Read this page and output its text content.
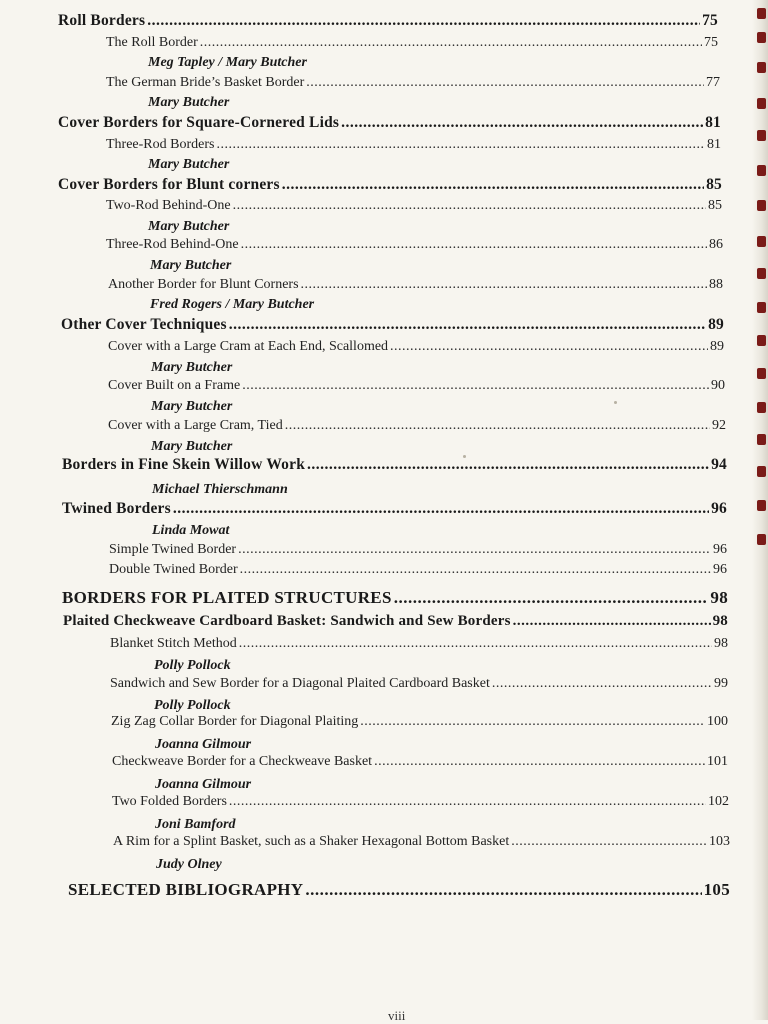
Roll Borders .....	75
The Roll Border .....	75
Meg Tapley / Mary Butcher
The German Bride’s Basket Border .....	77
Mary Butcher
Cover Borders for Square-Cornered Lids .....	81
Three-Rod Borders .....	81
Mary Butcher
Cover Borders for Blunt corners .....	85
Two-Rod Behind-One .....	85
Mary Butcher
Three-Rod Behind-One .....	86
Mary Butcher
Another Border for Blunt Corners .....	88
Fred Rogers / Mary Butcher
Other Cover Techniques .....	89
Cover with a Large Cram at Each End, Scallomed .....	89
Mary Butcher
Cover Built on a Frame .....	90
Mary Butcher
Cover with a Large Cram, Tied .....	92
Mary Butcher
Borders in Fine Skein Willow Work .....	94
Michael Thierschmann
Twined Borders .....	96
Linda Mowat
Simple Twined Border .....	96
Double Twined Border .....	96
BORDERS FOR PLAITED STRUCTURES .....	98
Plaited Checkweave Cardboard Basket: Sandwich and Sew Borders .....	98
Blanket Stitch Method .....	98
Polly Pollock
Sandwich and Sew Border for a Diagonal Plaited Cardboard Basket .....	99
Polly Pollock
Zig Zag Collar Border for Diagonal Plaiting .....	100
Joanna Gilmour
Checkweave Border for a Checkweave Basket .....	101
Joanna Gilmour
Two Folded Borders .....	102
Joni Bamford
A Rim for a Splint Basket, such as a Shaker Hexagonal Bottom Basket .....	103
Judy Olney
SELECTED BIBLIOGRAPHY .....	105
viii
